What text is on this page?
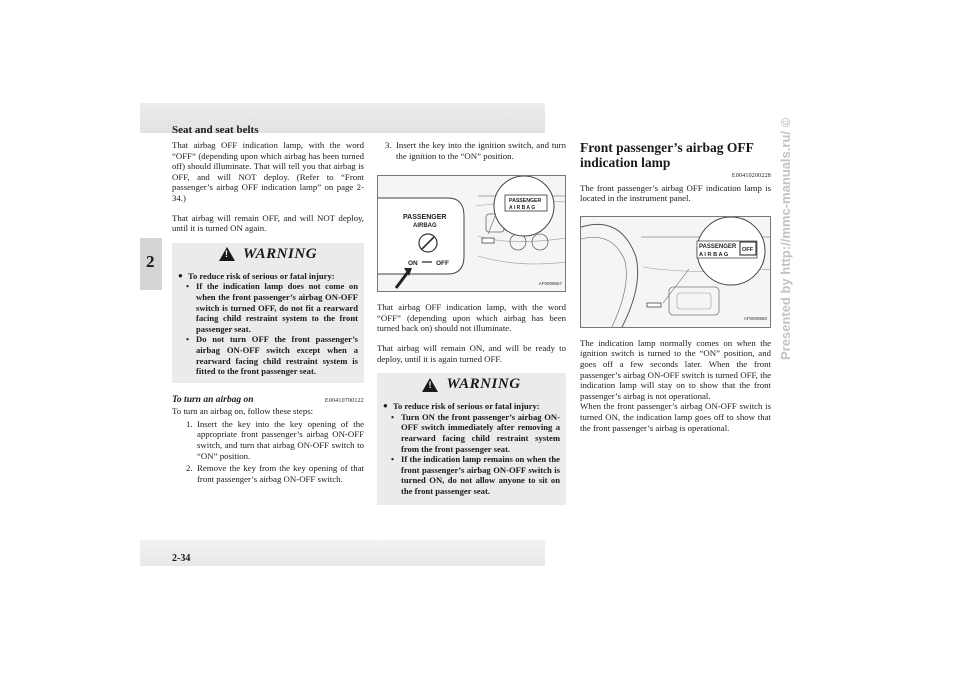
Seat and seat belts
2	Presented by http://mmc-manuals.ru/ ©

That airbag OFF indication lamp, with the word “OFF” (depending upon which airbag has been turned off) should illuminate. That will tell you that airbag is OFF, and will NOT deploy. (Refer to “Front passenger’s airbag OFF indication lamp” on page 2-34.)

That airbag will remain OFF, and will NOT deploy, until it is turned ON again.

!
WARNING
● To reduce risk of serious or fatal injury:
• If the indication lamp does not come on when the front passenger’s airbag ON-OFF switch is turned OFF, do not fit a rearward facing child restraint system to the front passenger seat.
• Do not turn OFF the front passenger’s airbag ON-OFF switch except when a rearward facing child restraint system is fitted to the front passenger seat.
To turn an airbag on	E00410700122

To turn an airbag on, follow these steps:

1. Insert the key into the key opening of the appropriate front passenger’s airbag ON-OFF switch, and turn that airbag ON-OFF switch to “ON” position.
2. Remove the key from the key opening of that front passenger’s airbag ON-OFF switch.
3. Insert the key into the ignition switch, and turn the ignition to the “ON” position.
PASSENGER
AIRBAG
ON	OFF
PASSENGER
A I R B A G
AF0009657

That airbag OFF indication lamp, with the word “OFF” (depending upon which airbag has been turned back on) should not illuminate.

That airbag will remain ON, and will be ready to deploy, until it is again turned OFF.

!
WARNING
● To reduce risk of serious or fatal injury:
• Turn ON the front passenger’s airbag ON-OFF switch immediately after removing a rearward facing child restraint system from the front passenger seat.
• If the indication lamp remains on when the front passenger’s airbag ON-OFF switch is turned ON, do not allow anyone to sit on the front passenger seat.
Front passenger’s airbag OFF indication lamp
E00410200228

The front passenger’s airbag OFF indication lamp is located in the instrument panel.

PASSENGER
A I R B A G
OFF
AF0009660

The indication lamp normally comes on when the ignition switch is turned to the “ON” position, and goes off a few seconds later. When the front passenger’s airbag ON-OFF switch is turned OFF, the indication lamp will stay on to show that the front passenger’s airbag is not operational.

When the front passenger’s airbag ON-OFF switch is turned ON, the indication lamp goes off to show that the front passenger’s airbag is operational.

2-34
